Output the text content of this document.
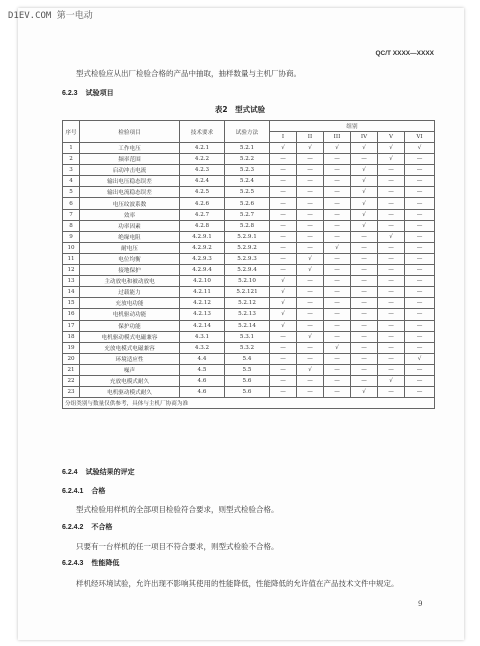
D1EV.COM 第一电动
QC/T XXXX—XXXX
型式检验应从出厂检验合格的产品中抽取，抽样数量与主机厂协商。
6.2.3 试验项目
表2　型式试验
序号	检验项目	技术要求	试验方法	组别					
				I	II	III	IV	V	VI
1	工作电压	4.2.1	5.2.1	√	√	√	√	√	√
2	频率范围	4.2.2	5.2.2	—	—	—	—	√	—
3	启动冲击电流	4.2.3	5.2.3	—	—	—	√	—	—
4	输出电压稳态误差	4.2.4	5.2.4	—	—	—	√	—	—
5	输出电流稳态误差	4.2.5	5.2.5	—	—	—	√	—	—
6	电压纹波系数	4.2.6	5.2.6	—	—	—	√	—	—
7	效率	4.2.7	5.2.7	—	—	—	√	—	—
8	功率因素	4.2.8	5.2.8	—	—	—	√	—	—
9	绝缘电阻	4.2.9.1	5.2.9.1	—	—	—	—	√	—
10	耐电压	4.2.9.2	5.2.9.2	—	—	√	—	—	—
11	电位均衡	4.2.9.3	5.2.9.3	—	√	—	—	—	—
12	接地保护	4.2.9.4	5.2.9.4	—	√	—	—	—	—
13	主动放电和被动放电	4.2.10	5.2.10	√	—	—	—	—	—
14	过载能力	4.2.11	5.2.121	√	—	—	—	—	—
15	充放电功能	4.2.12	5.2.12	√	—	—	—	—	—
16	电机驱动功能	4.2.13	5.2.13	√	—	—	—	—	—
17	保护功能	4.2.14	5.2.14	√	—	—	—	—	—
18	电机驱动模式电磁兼容	4.3.1	5.3.1	—	√	—	—	—	—
19	充放电模式电磁兼容	4.3.2	5.3.2	—	—	√	—	—	—
20	环境适应性	4.4	5.4	—	—	—	—	—	√
21	噪声	4.5	5.5	—	√	—	—	—	—
22	充放电模式耐久	4.6	5.6	—	—	—	—	√	—
23	电机驱动模式耐久	4.6	5.6	—	—	—	√	—	—
分组类别与数量仅供参考，具体与主机厂协商为准									
6.2.4 试验结果的评定
6.2.4.1 合格
型式检验用样机的全部项目检验符合要求，则型式检验合格。
6.2.4.2 不合格
只要有一台样机的任一项目不符合要求，则型式检验不合格。
6.2.4.3 性能降低
样机经环境试验，允许出现不影响其使用的性能降低，性能降低的允许值在产品技术文件中规定。
9
